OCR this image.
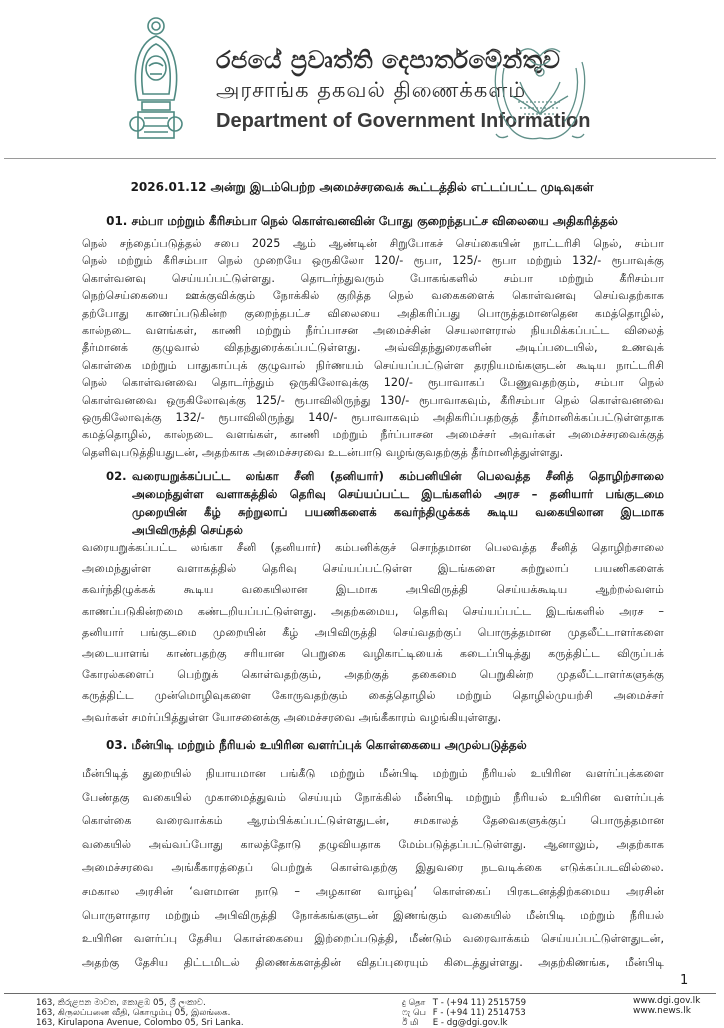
රජයේ ප්‍රවෘත්ති දෙපාර්තමේන්තුව
அரசாங்க தகவல் திணைக்களம்
Department of Government Information
2026.01.12 அன்று இடம்பெற்ற அமைச்சரவைக் கூட்டத்தில் எட்டப்பட்ட முடிவுகள்
01. சம்பா மற்றும் கீரிசம்பா நெல் கொள்வனவின் போது குறைந்தபட்ச விலையை அதிகரித்தல்
நெல் சந்தைப்படுத்தல் சபை 2025 ஆம் ஆண்டின் சிறுபோகச் செய்கையின் நாட்டரிசி நெல், சம்பா
நெல் மற்றும் கீரிசம்பா நெல் முறையே ஒருகிலோ 120/- ரூபா, 125/- ரூபா மற்றும் 132/- ரூபாவுக்கு
கொள்வனவு செய்யப்பட்டுள்ளது. தொடர்ந்துவரும் போகங்களில் சம்பா மற்றும் கீரிசம்பா
நெற்செய்கையை ஊக்குவிக்கும் நோக்கில் குறித்த நெல் வகைகளைக் கொள்வனவு செய்வதற்காக
தற்போது காணப்படுகின்ற குறைந்தபட்ச விலையை அதிகரிப்பது பொருத்தமானதென கமத்தொழில்,
கால்நடை வளங்கள், காணி மற்றும் நீர்ப்பாசன அமைச்சின் செயலாளரால் நியமிக்கப்பட்ட விலைத்
தீர்மானக் குழுவால் விதந்துரைக்கப்பட்டுள்ளது. அவ்விதந்துரைகளின் அடிப்படையில், உணவுக்
கொள்கை மற்றும் பாதுகாப்புக் குழுவால் நிர்ணயம் செய்யப்பட்டுள்ள தரநியமங்களுடன் கூடிய நாட்டரிசி
நெல் கொள்வனவை தொடர்ந்தும் ஒருகிலோவுக்கு 120/- ரூபாவாகப் பேணுவதற்கும், சம்பா நெல்
கொள்வனவை ஒருகிலோவுக்கு 125/- ரூபாவிலிருந்து 130/- ரூபாவாகவும், கீரிசம்பா நெல் கொள்வனவை
ஒருகிலோவுக்கு 132/- ரூபாவிலிருந்து 140/- ரூபாவாகவும் அதிகரிப்பதற்குத் தீர்மானிக்கப்பட்டுள்ளதாக
கமத்தொழில், கால்நடை வளங்கள், காணி மற்றும் நீர்ப்பாசன அமைச்சர் அவர்கள் அமைச்சரவைக்குத்
தெளிவுபடுத்தியதுடன், அதற்காக அமைச்சரவை உடன்பாடு வழங்குவதற்குத் தீர்மானித்துள்ளது.
02. வரையறுக்கப்பட்ட லங்கா சீனி (தனியார்) கம்பனியின் பெலவத்த சீனித் தொழிற்சாலை
அமைந்துள்ள வளாகத்தில் தெரிவு செய்யப்பட்ட இடங்களில் அரச – தனியார் பங்குடமை
முறையின் கீழ் சுற்றுலாப் பயணிகளைக் கவர்ந்திழுக்கக் கூடிய வகையிலான இடமாக
அபிவிருத்தி செய்தல்
வரையறுக்கப்பட்ட லங்கா சீனி (தனியார்) கம்பனிக்குச் சொந்தமான பெலவத்த சீனித் தொழிற்சாலை
அமைந்துள்ள வளாகத்தில் தெரிவு செய்யப்பட்டுள்ள இடங்களை சுற்றுலாப் பயணிகளைக்
கவர்ந்திழுக்கக் கூடிய வகையிலான இடமாக அபிவிருத்தி செய்யக்கூடிய ஆற்றல்வளம்
காணப்படுகின்றமை கண்டறியப்பட்டுள்ளது. அதற்கமைய, தெரிவு செய்யப்பட்ட இடங்களில் அரச –
தனியார் பங்குடமை முறையின் கீழ் அபிவிருத்தி செய்வதற்குப் பொருத்தமான முதலீட்டாளர்களை
அடையாளங் காண்பதற்கு சரியான பெறுகை வழிகாட்டியைக் கடைப்பிடித்து கருத்திட்ட விருப்பக்
கோரல்களைப் பெற்றுக் கொள்வதற்கும், அதற்குத் தகைமை பெறுகின்ற முதலீட்டாளர்களுக்கு
கருத்திட்ட முன்மொழிவுகளை கோருவதற்கும் கைத்தொழில் மற்றும் தொழில்முயற்சி அமைச்சர்
அவர்கள் சமர்ப்பித்துள்ள யோசனைக்கு அமைச்சரவை அங்கீகாரம் வழங்கியுள்ளது.
03. மீன்பிடி மற்றும் நீரியல் உயிரின வளர்ப்புக் கொள்கையை அமுல்படுத்தல்
மீன்பிடித் துறையில் நியாயமான பங்கீடு மற்றும் மீன்பிடி மற்றும் நீரியல் உயிரின வளர்ப்புக்களை
பேண்தகு வகையில் முகாமைத்துவம் செய்யும் நோக்கில் மீன்பிடி மற்றும் நீரியல் உயிரின வளர்ப்புக்
கொள்கை வரைவாக்கம் ஆரம்பிக்கப்பட்டுள்ளதுடன், சமகாலத் தேவைகளுக்குப் பொருத்தமான
வகையில் அவ்வப்போது காலத்தோடு தழுவியதாக மேம்படுத்தப்பட்டுள்ளது. ஆனாலும், அதற்காக
அமைச்சரவை அங்கீகாரத்தைப் பெற்றுக் கொள்வதற்கு இதுவரை நடவடிக்கை எடுக்கப்படவில்லை.
சமகால அரசின் ‘வளமான நாடு – அழகான வாழ்வு’ கொள்கைப் பிரகடனத்திற்கமைய அரசின்
பொருளாதார மற்றும் அபிவிருத்தி நோக்கங்களுடன் இணங்கும் வகையில் மீன்பிடி மற்றும் நீரியல்
உயிரின வளர்ப்பு தேசிய கொள்கையை இற்றைப்படுத்தி, மீண்டும் வரைவாக்கம் செய்யப்பட்டுள்ளதுடன்,
அதற்கு தேசிய திட்டமிடல் திணைக்களத்தின் விதப்புரையும் கிடைத்துள்ளது. அதற்கிணங்க, மீன்பிடி
1
163, කිරුළපන මාවත, කොළඹ 05, ශ්‍රී ලංකාව.
163, கிருலப்பனை வீதி, கொழும்பு 05, இலங்கை.
163, Kirulapona Avenue, Colombo 05, Sri Lanka.
දු தொ T - (+94 11) 2515759
ෆැ பெ F - (+94 11) 2514753
ඊ மி E - dg@dgi.gov.lk
www.dgi.gov.lk
www.news.lk
